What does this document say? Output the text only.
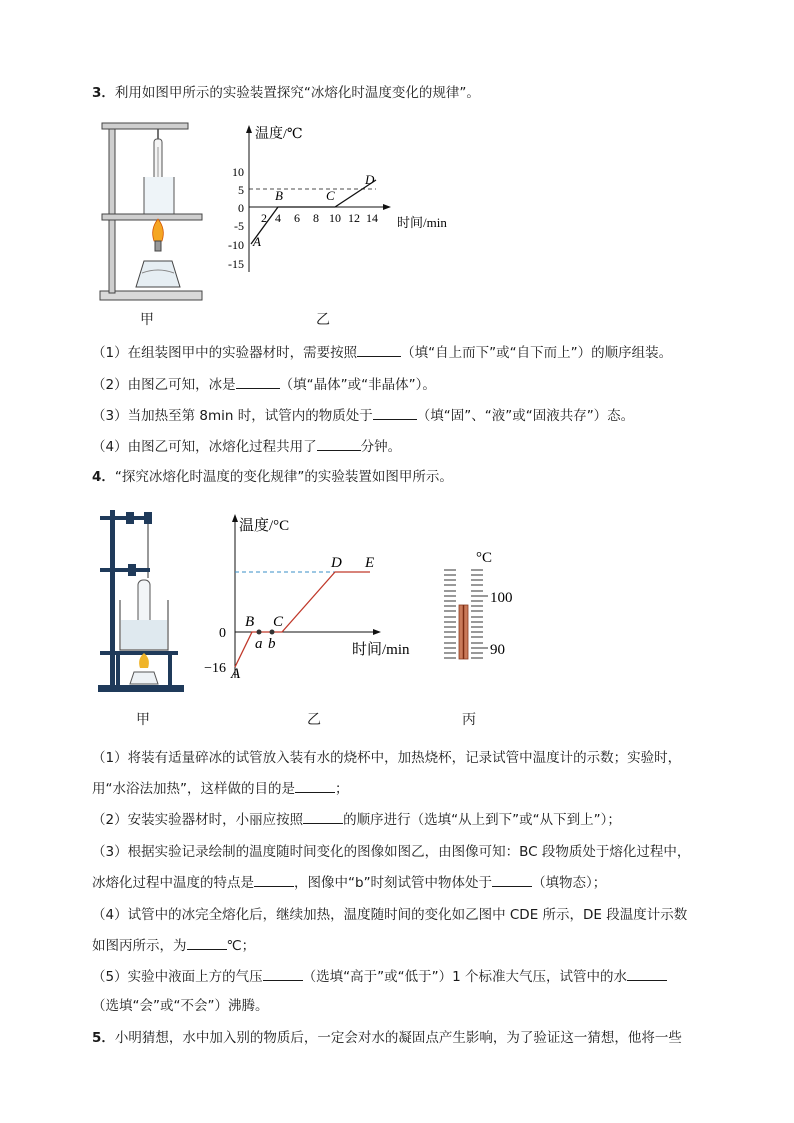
3．利用如图甲所示的实验装置探究“冰熔化时温度变化的规律”。
甲
温度/℃
时间/min
10
5
0
-5
-10
-15
2 4 6 8 10 12 14
A
B	C
D
乙
（1）在组装图甲中的实验器材时，需要按照	（填“自上而下”或“自下而上”）的顺序组装。
（2）由图乙可知，冰是	（填“晶体”或“非晶体”）。
（3）当加热至第 8min 时，试管内的物质处于	（填“固”、“液”或“固液共存”）态。
（4）由图乙可知，冰熔化过程共用了	分钟。
4．“探究冰熔化时温度的变化规律”的实验装置如图甲所示。
甲
温度/°C
时间/min
0
−16 A
B C
D E
a b
乙
°C
100
90
丙
（1）将装有适量碎冰的试管放入装有水的烧杯中，加热烧杯，记录试管中温度计的示数；实验时，
用“水浴法加热”，这样做的目的是	；
（2）安装实验器材时，小丽应按照	的顺序进行（选填“从上到下”或“从下到上”）；
（3）根据实验记录绘制的温度随时间变化的图像如图乙，由图像可知：BC 段物质处于熔化过程中，
冰熔化过程中温度的特点是	，图像中“b”时刻试管中物体处于	（填物态）；
（4）试管中的冰完全熔化后，继续加热，温度随时间的变化如乙图中 CDE 所示，DE 段温度计示数
如图丙所示，为	℃；
（5）实验中液面上方的气压	（选填“高于”或“低于”）1 个标准大气压，试管中的水
（选填“会”或“不会”）沸腾。
5．小明猜想，水中加入别的物质后，一定会对水的凝固点产生影响，为了验证这一猜想，他将一些
